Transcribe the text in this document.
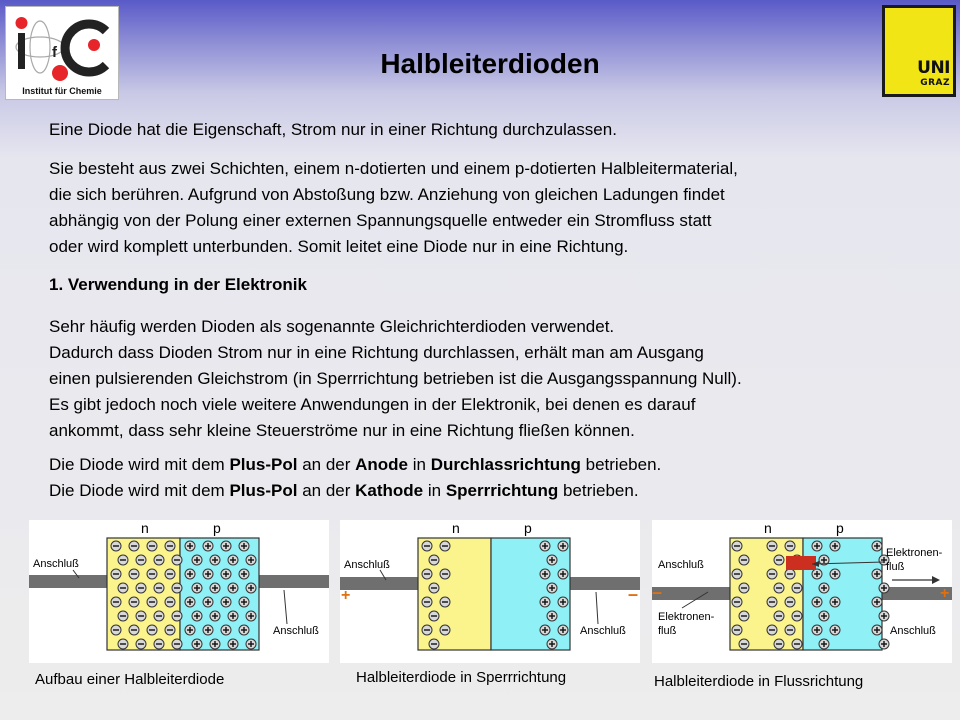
f
Institut für Chemie
UNI
GRAZ
Halbleiterdioden

Eine Diode hat die Eigenschaft, Strom nur in einer Richtung durchzulassen.

Sie besteht aus zwei Schichten, einem n-dotierten und einem p-dotierten Halbleitermaterial,
die sich berühren. Aufgrund von Abstoßung bzw. Anziehung von gleichen Ladungen findet
abhängig von der Polung einer externen Spannungsquelle entweder ein Stromfluss statt
oder wird komplett unterbunden. Somit leitet eine Diode nur in eine Richtung.

1. Verwendung in der Elektronik

Sehr häufig werden Dioden als sogenannte Gleichrichterdioden verwendet.
Dadurch dass Dioden Strom nur in eine Richtung durchlassen, erhält man am Ausgang
einen pulsierenden Gleichstrom (in Sperrrichtung betrieben ist die Ausgangsspannung Null).
Es gibt jedoch noch viele weitere Anwendungen in der Elektronik, bei denen es darauf
ankommt, dass sehr kleine Steuerströme nur in eine Richtung fließen können.

Die Diode wird mit dem Plus-Pol an der Anode in Durchlassrichtung betrieben.
Die Diode wird mit dem Plus-Pol an der Kathode in Sperrrichtung betrieben.

n	p
Anschluß
Anschluß
n	p
Anschluß
Anschluß
+	–
n	p
Anschluß
Anschluß
Elektronen-
fluß
Elektronen-
fluß
–	+
Aufbau einer Halbleiterdiode	Halbleiterdiode in Sperrrichtung	Halbleiterdiode in Flussrichtung
